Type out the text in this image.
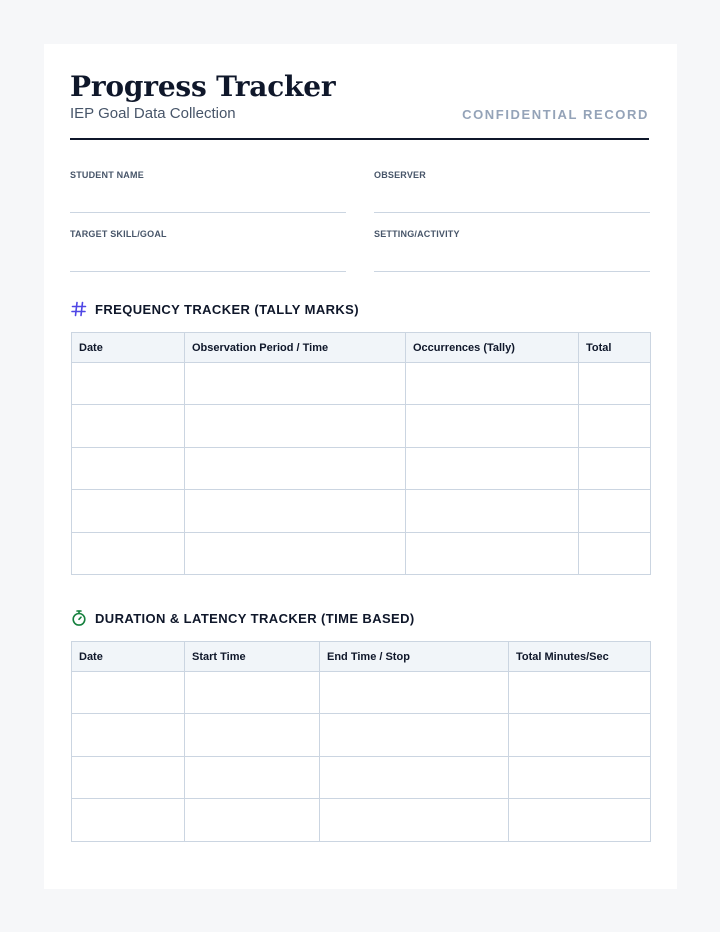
Progress Tracker
IEP Goal Data Collection	CONFIDENTIAL RECORD
STUDENT NAME	OBSERVER
TARGET SKILL/GOAL	SETTING/ACTIVITY
FREQUENCY TRACKER (TALLY MARKS)
Date	Observation Period / Time	Occurrences (Tally)	Total

DURATION & LATENCY TRACKER (TIME BASED)
Date	Start Time	End Time / Stop	Total Minutes/Sec
